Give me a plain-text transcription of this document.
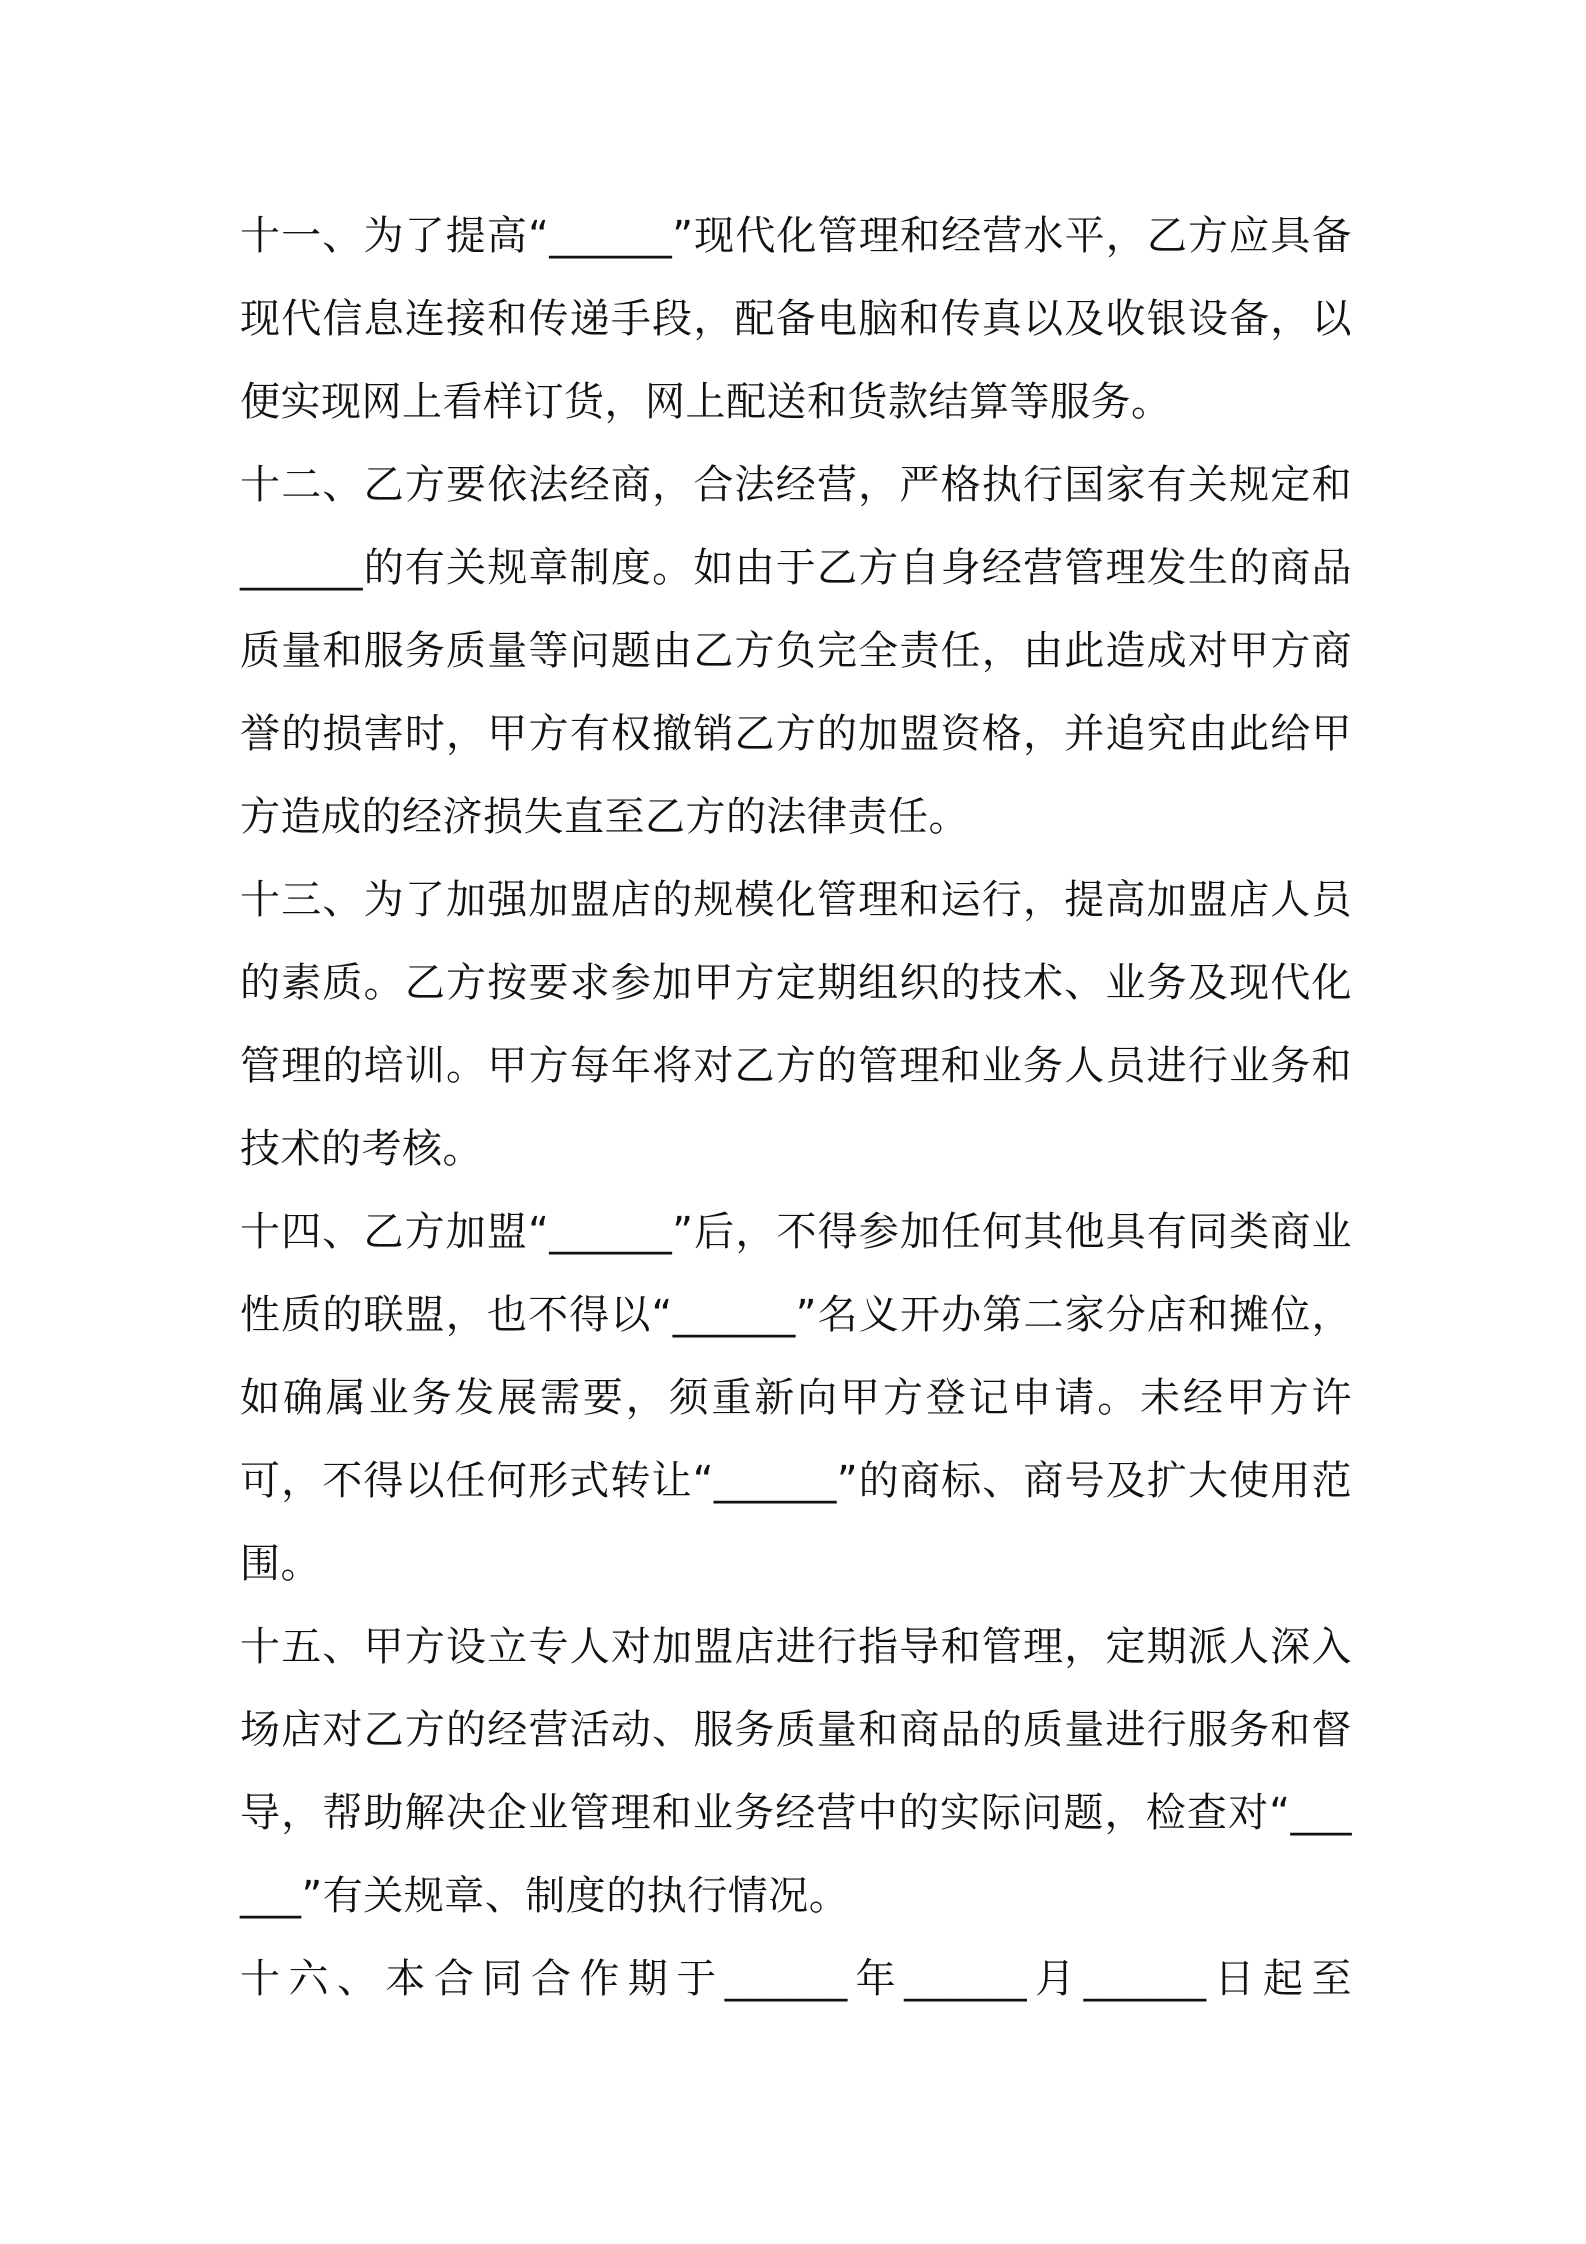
十一、为了提高“______”现代化管理和经营水平，乙方应具备现代信息连接和传递手段，配备电脑和传真以及收银设备，以便实现网上看样订货，网上配送和货款结算等服务。

十二、乙方要依法经商，合法经营，严格执行国家有关规定和______的有关规章制度。如由于乙方自身经营管理发生的商品质量和服务质量等问题由乙方负完全责任，由此造成对甲方商誉的损害时，甲方有权撤销乙方的加盟资格，并追究由此给甲方造成的经济损失直至乙方的法律责任。

十三、为了加强加盟店的规模化管理和运行，提高加盟店人员的素质。乙方按要求参加甲方定期组织的技术、业务及现代化管理的培训。甲方每年将对乙方的管理和业务人员进行业务和技术的考核。

十四、乙方加盟“______”后，不得参加任何其他具有同类商业性质的联盟，也不得以“______”名义开办第二家分店和摊位，如确属业务发展需要，须重新向甲方登记申请。未经甲方许可，不得以任何形式转让“______”的商标、商号及扩大使用范围。

十五、甲方设立专人对加盟店进行指导和管理，定期派人深入场店对乙方的经营活动、服务质量和商品的质量进行服务和督导，帮助解决企业管理和业务经营中的实际问题，检查对“______”有关规章、制度的执行情况。

十六、本合同合作期于______年______月______日起至
